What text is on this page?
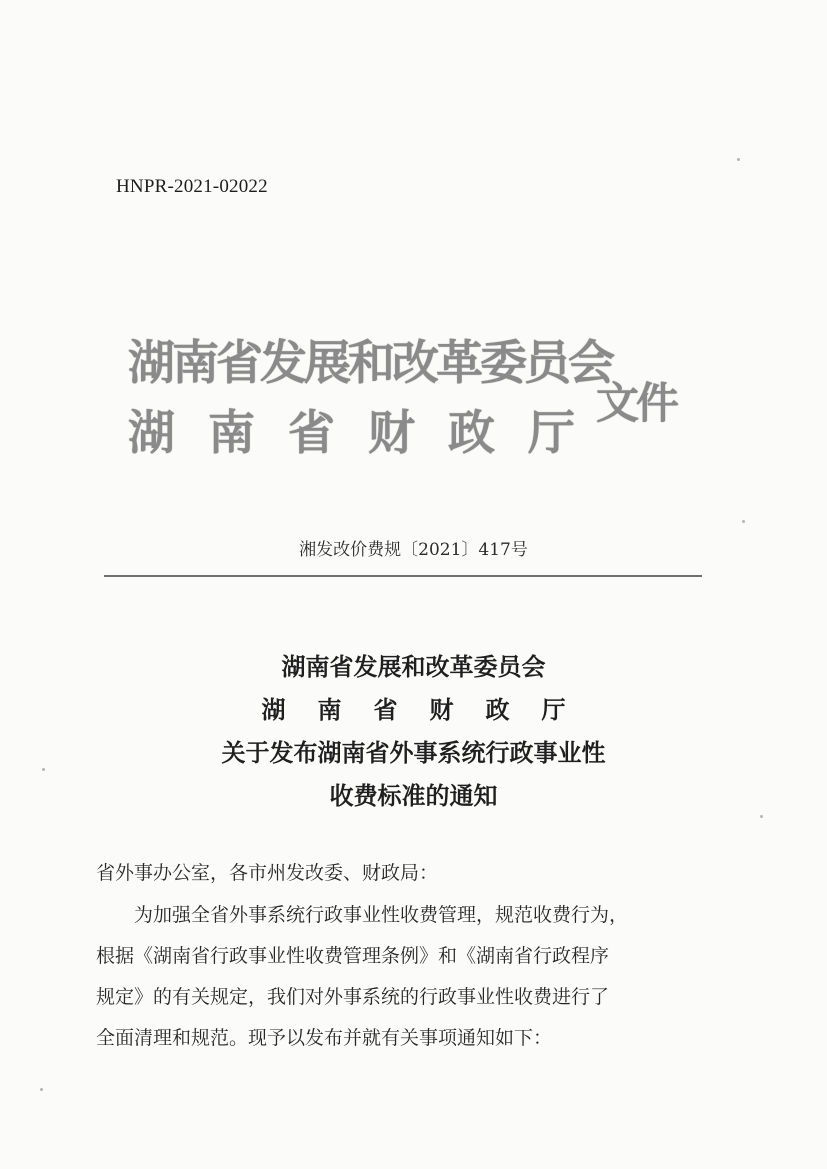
HNPR-2021-02022
湖南省发展和改革委员会
湖南省财政厅
文件
湘发改价费规〔2021〕417号
湖南省发展和改革委员会
湖南省财政厅
关于发布湖南省外事系统行政事业性
收费标准的通知
省外事办公室，各市州发改委、财政局：
为加强全省外事系统行政事业性收费管理，规范收费行为，
根据《湖南省行政事业性收费管理条例》和《湖南省行政程序
规定》的有关规定，我们对外事系统的行政事业性收费进行了
全面清理和规范。现予以发布并就有关事项通知如下：
